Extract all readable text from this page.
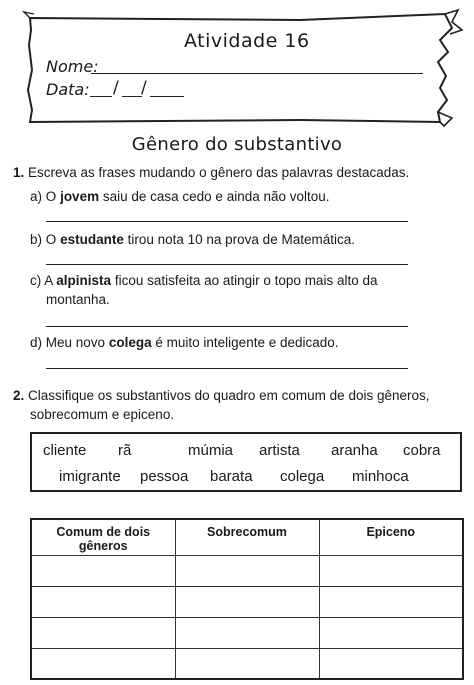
Atividade 16
Nome:
Data: / /
Gênero do substantivo
1. Escreva as frases mudando o gênero das palavras destacadas.
a) O jovem saiu de casa cedo e ainda não voltou.
b) O estudante tirou nota 10 na prova de Matemática.
c) A alpinista ficou satisfeita ao atingir o topo mais alto da
montanha.
d) Meu novo colega é muito inteligente e dedicado.
2. Classifique os substantivos do quadro em comum de dois gêneros,
sobrecomum e epiceno.
cliente rã	múmia artista aranha cobra
imigrante pessoa barata colega minhoca
Comum de dois gêneros	Sobrecomum	Epiceno
